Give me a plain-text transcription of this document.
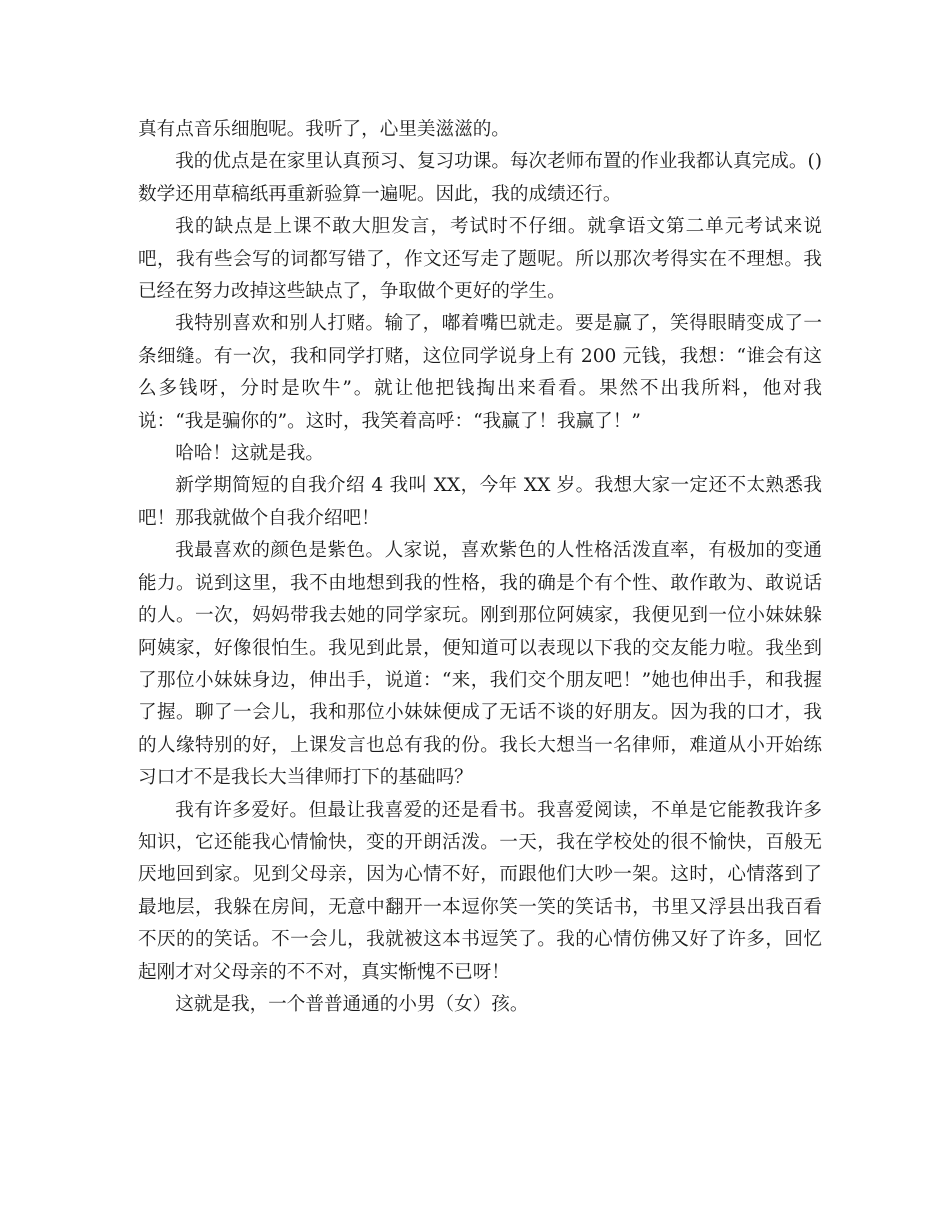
真有点音乐细胞呢。我听了，心里美滋滋的。

我的优点是在家里认真预习、复习功课。每次老师布置的作业我都认真完成。()数学还用草稿纸再重新验算一遍呢。因此，我的成绩还行。

我的缺点是上课不敢大胆发言，考试时不仔细。就拿语文第二单元考试来说吧，我有些会写的词都写错了，作文还写走了题呢。所以那次考得实在不理想。我已经在努力改掉这些缺点了，争取做个更好的学生。

我特别喜欢和别人打赌。输了，嘟着嘴巴就走。要是赢了，笑得眼睛变成了一条细缝。有一次，我和同学打赌，这位同学说身上有 200 元钱，我想：“谁会有这么多钱呀，分时是吹牛”。就让他把钱掏出来看看。果然不出我所料，他对我说：“我是骗你的”。这时，我笑着高呼：“我赢了！我赢了！”

哈哈！这就是我。

新学期简短的自我介绍 4 我叫 XX，今年 XX 岁。我想大家一定还不太熟悉我吧！那我就做个自我介绍吧！

我最喜欢的颜色是紫色。人家说，喜欢紫色的人性格活泼直率，有极加的变通能力。说到这里，我不由地想到我的性格，我的确是个有个性、敢作敢为、敢说话的人。一次，妈妈带我去她的同学家玩。刚到那位阿姨家，我便见到一位小妹妹躲阿姨家，好像很怕生。我见到此景，便知道可以表现以下我的交友能力啦。我坐到了那位小妹妹身边，伸出手，说道：“来，我们交个朋友吧！”她也伸出手，和我握了握。聊了一会儿，我和那位小妹妹便成了无话不谈的好朋友。因为我的口才，我的人缘特别的好，上课发言也总有我的份。我长大想当一名律师，难道从小开始练习口才不是我长大当律师打下的基础吗？

我有许多爱好。但最让我喜爱的还是看书。我喜爱阅读，不单是它能教我许多知识，它还能我心情愉快，变的开朗活泼。一天，我在学校处的很不愉快，百般无厌地回到家。见到父母亲，因为心情不好，而跟他们大吵一架。这时，心情落到了最地层，我躲在房间，无意中翻开一本逗你笑一笑的笑话书，书里又浮县出我百看不厌的的笑话。不一会儿，我就被这本书逗笑了。我的心情仿佛又好了许多，回忆起刚才对父母亲的不不对，真实惭愧不已呀！

这就是我，一个普普通通的小男（女）孩。
